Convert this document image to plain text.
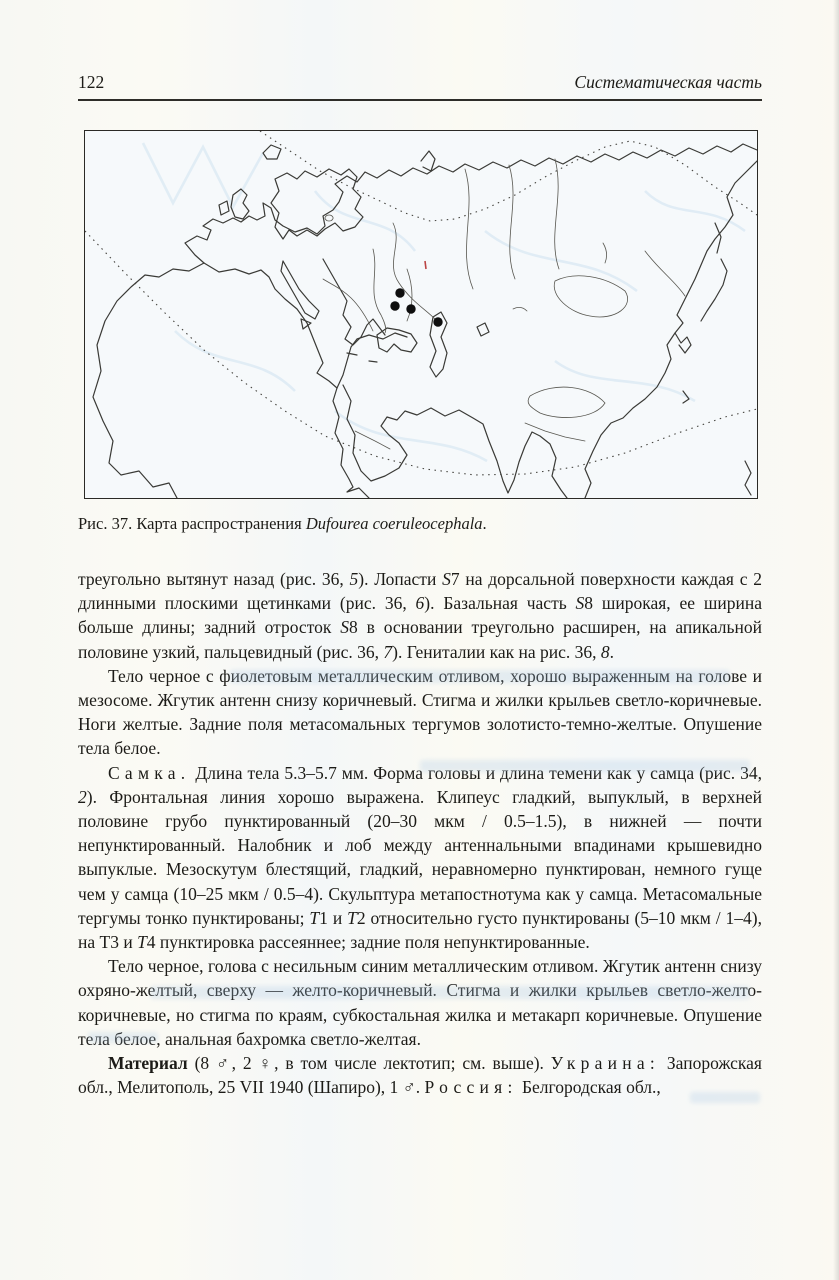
122	Систематическая часть
Рис. 37. Карта распространения Dufourea coeruleocephala.

треугольно вытянут назад (рис. 36, 5). Лопасти S7 на дорсальной поверхности каждая с 2 длинными плоскими щетинками (рис. 36, 6). Базальная часть S8 широкая, ее ширина больше длины; задний отросток S8 в основании треугольно расширен, на апикальной половине узкий, пальцевидный (рис. 36, 7). Гениталии как на рис. 36, 8.

Тело черное с фиолетовым металлическим отливом, хорошо выраженным на голове и мезосоме. Жгутик антенн снизу коричневый. Стигма и жилки крыльев светло-коричневые. Ноги желтые. Задние поля метасомальных тергумов золотисто-темно-желтые. Опушение тела белое.

Самка. Длина тела 5.3–5.7 мм. Форма головы и длина темени как у самца (рис. 34, 2). Фронтальная линия хорошо выражена. Клипеус гладкий, выпуклый, в верхней половине грубо пунктированный (20–30 мкм / 0.5–1.5), в нижней — почти непунктированный. Налобник и лоб между антеннальными впадинами крышевидно выпуклые. Мезоскутум блестящий, гладкий, неравномерно пунктирован, немного гуще чем у самца (10–25 мкм / 0.5–4). Скульптура метапостнотума как у самца. Метасомальные тергумы тонко пунктированы; T1 и T2 относительно густо пунктированы (5–10 мкм / 1–4), на Т3 и T4 пунктировка рассеяннее; задние поля непунктированные.

Тело черное, голова с несильным синим металлическим отливом. Жгутик антенн снизу охряно-желтый, сверху — желто-коричневый. Стигма и жилки крыльев светло-желто-коричневые, но стигма по краям, субкостальная жилка и метакарп коричневые. Опушение тела белое, анальная бахромка светло-желтая.

Материал (8 ♂, 2 ♀, в том числе лектотип; см. выше). Украина: Запорожская обл., Мелитополь, 25 VII 1940 (Шапиро), 1 ♂. Россия: Белгородская обл.,
